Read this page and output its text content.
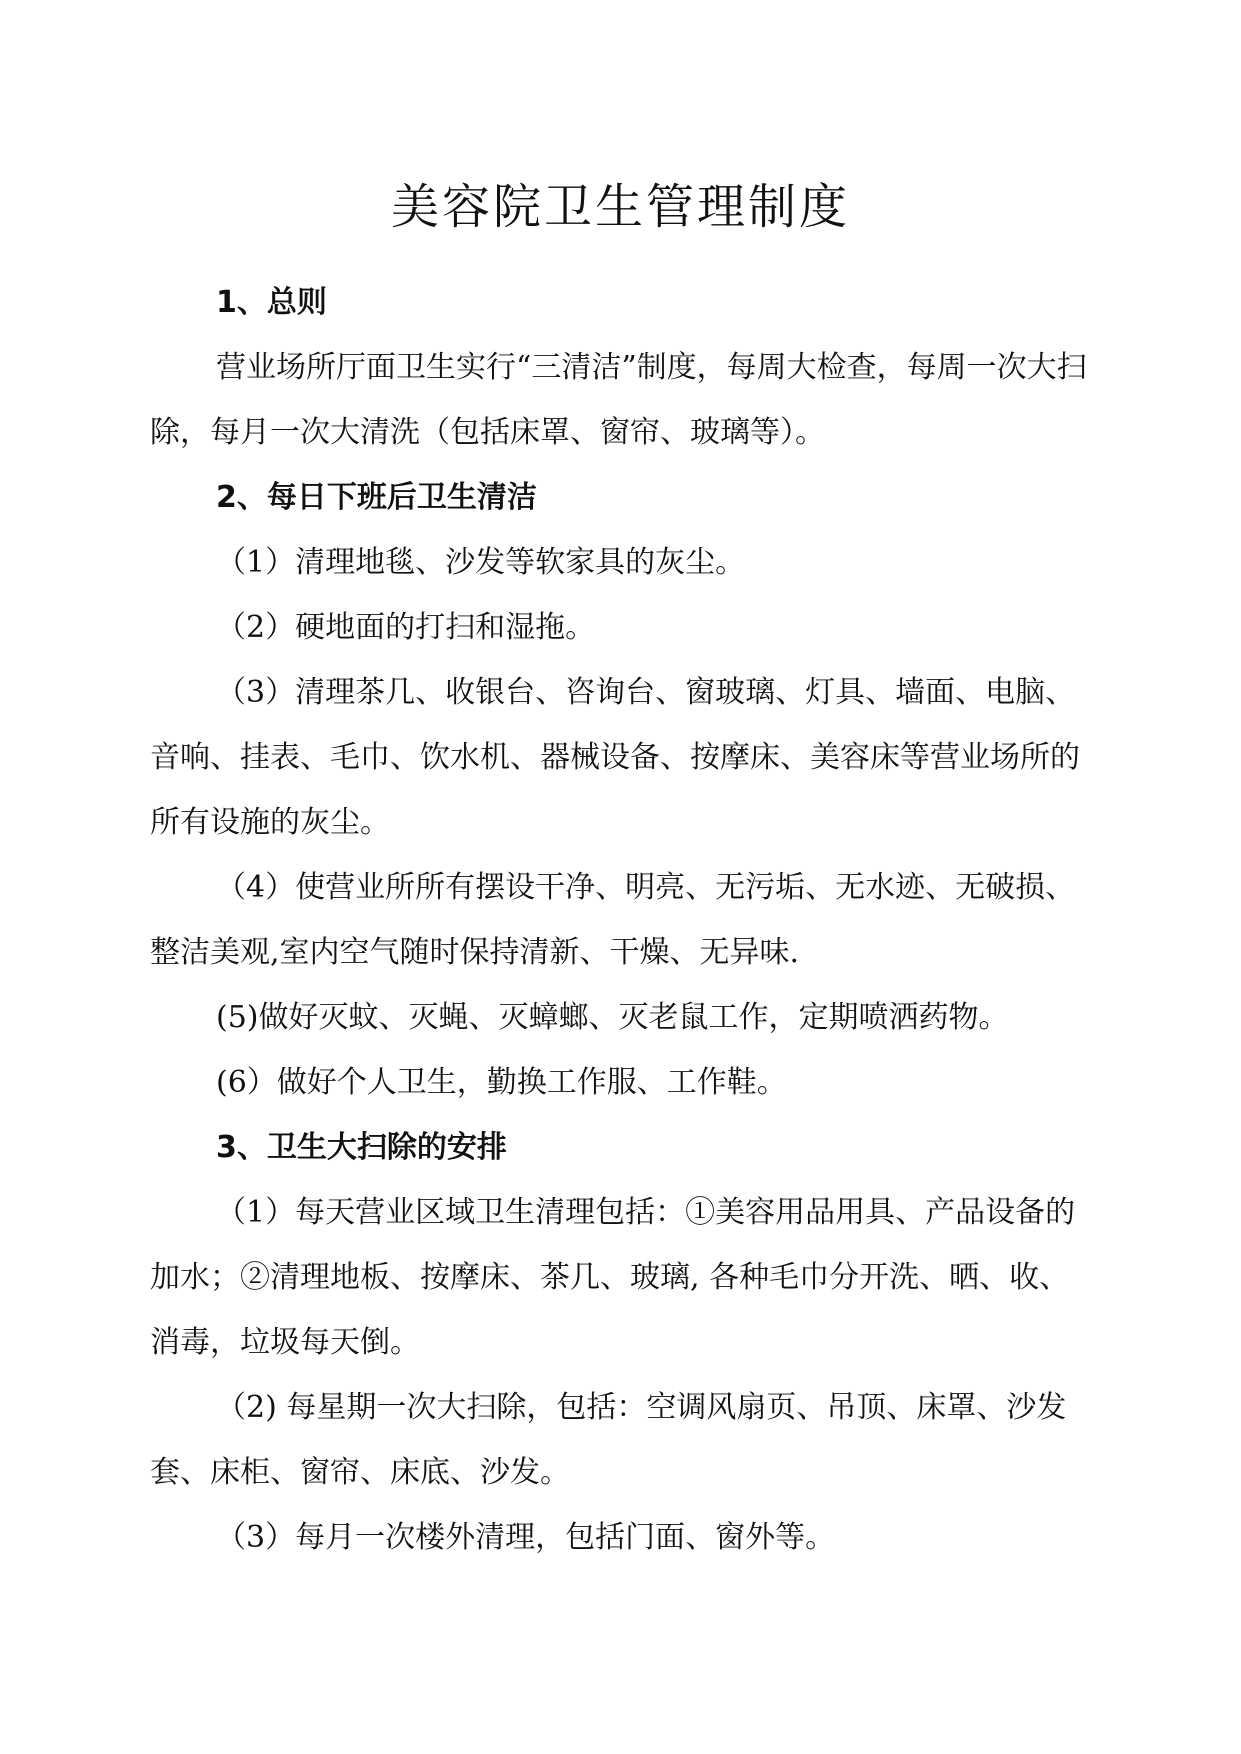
美容院卫生管理制度

1、总则

营业场所厅面卫生实行“三清洁”制度，每周大检查，每周一次大扫除，每月一次大清洗（包括床罩、窗帘、玻璃等）。

2、每日下班后卫生清洁

（1）清理地毯、沙发等软家具的灰尘。

（2）硬地面的打扫和湿拖。

（3）清理茶几、收银台、咨询台、窗玻璃、灯具、墙面、电脑、音响、挂表、毛巾、饮水机、器械设备、按摩床、美容床等营业场所的所有设施的灰尘。

（4）使营业所所有摆设干净、明亮、无污垢、无水迹、无破损、整洁美观,室内空气随时保持清新、干燥、无异味.

(5)做好灭蚊、灭蝇、灭蟑螂、灭老鼠工作，定期喷洒药物。

(6）做好个人卫生，勤换工作服、工作鞋。

3、卫生大扫除的安排

（1）每天营业区域卫生清理包括：①美容用品用具、产品设备的加水；②清理地板、按摩床、茶几、玻璃, 各种毛巾分开洗、晒、收、消毒，垃圾每天倒。

（2) 每星期一次大扫除，包括：空调风扇页、吊顶、床罩、沙发套、床柜、窗帘、床底、沙发。

（3）每月一次楼外清理，包括门面、窗外等。
